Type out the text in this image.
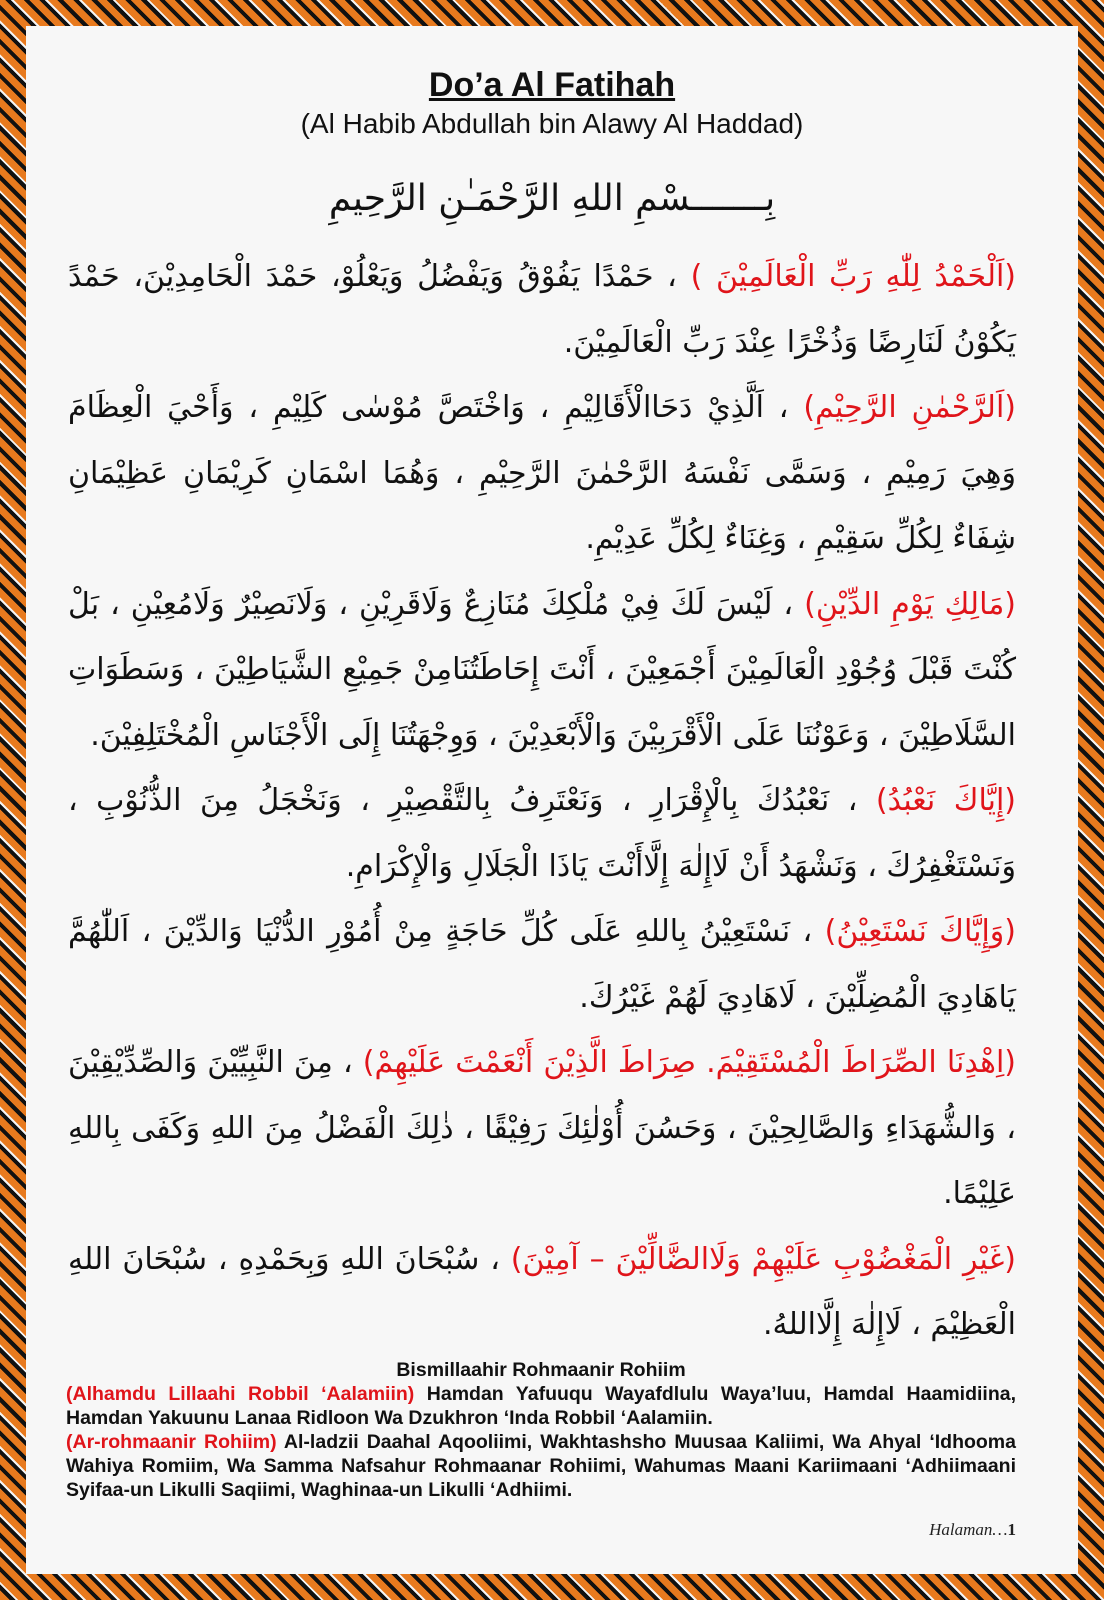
Do’a Al Fatihah
(Al Habib Abdullah bin Alawy Al Haddad)
بِـــــــسْمِ اللهِ الرَّحْمَـٰنِ الرَّحِيمِ

(اَلْحَمْدُ لِلّٰهِ رَبِّ الْعَالَمِيْنَ ) ، حَمْدًا يَفُوْقُ وَيَفْضُلُ وَيَعْلُوْ، حَمْدَ الْحَامِدِيْنَ، حَمْدً يَكُوْنُ لَنَارِضًا وَذُخْرًا عِنْدَ رَبِّ الْعَالَمِيْنَ.

(اَلرَّحْمٰنِ الرَّحِيْمِ) ، اَلَّذِيْ دَحَاالْأَقَالِيْمِ ، وَاخْتَصَّ مُوْسٰى كَلِيْمِ ، وَأَحْيَ الْعِظَامَ وَهِيَ رَمِيْمِ ، وَسَمَّى نَفْسَهُ الرَّحْمٰنَ الرَّحِيْمِ ، وَهُمَا اسْمَانِ كَرِيْمَانِ عَظِيْمَانِ شِفَاءٌ لِكُلِّ سَقِيْمِ ، وَغِنَاءٌ لِكُلِّ عَدِيْمِ.

(مَالِكِ يَوْمِ الدِّيْنِ) ، لَيْسَ لَكَ فِيْ مُلْكِكَ مُنَازِعٌ وَلَاقَرِيْنِ ، وَلَانَصِيْرٌ وَلَامُعِيْنِ ، بَلْ كُنْتَ قَبْلَ وُجُوْدِ الْعَالَمِيْنَ أَجْمَعِيْنَ ، أَنْتَ إِحَاطَتُنَامِنْ جَمِيْعِ الشَّيَاطِيْنَ ، وَسَطَوَاتِ السَّلَاطِيْنَ ، وَعَوْنُنَا عَلَى الْأَقْرَبِيْنَ وَالْأَبْعَدِيْنَ ، وَوِجْهَتُنَا إِلَى الْأَجْنَاسِ الْمُخْتَلِفِيْنَ.

(إِيَّاكَ نَعْبُدُ) ، نَعْبُدُكَ بِالْإِقْرَارِ ، وَنَعْتَرِفُ بِالتَّقْصِيْرِ ، وَنَخْجَلُ مِنَ الذُّنُوْبِ ، وَنَسْتَغْفِرُكَ ، وَنَشْهَدُ أَنْ لَاإِلٰهَ إِلَّاأَنْتَ يَاذَا الْجَلَالِ وَالْإِكْرَامِ.

(وَإِيَّاكَ نَسْتَعِيْنُ) ، نَسْتَعِيْنُ بِاللهِ عَلَى كُلِّ حَاجَةٍ مِنْ أُمُوْرِ الدُّنْيَا وَالدِّيْنَ ، اَللّٰهُمَّ يَاهَادِيَ الْمُضِلِّيْنَ ، لَاهَادِيَ لَهُمْ غَيْرُكَ.

(اِهْدِنَا الصِّرَاطَ الْمُسْتَقِيْمَ. صِرَاطَ الَّذِيْنَ أَنْعَمْتَ عَلَيْهِمْ) ، مِنَ النَّبِيِّيْنَ وَالصِّدِّيْقِيْنَ ، وَالشُّهَدَاءِ وَالصَّالِحِيْنَ ، وَحَسُنَ أُوْلٰئِكَ رَفِيْقًا ، ذٰلِكَ الْفَضْلُ مِنَ اللهِ وَكَفَى بِاللهِ عَلِيْمًا.

(غَيْرِ الْمَغْضُوْبِ عَلَيْهِمْ وَلَاالضَّالِّيْنَ – آمِيْنَ) ، سُبْحَانَ اللهِ وَبِحَمْدِهِ ، سُبْحَانَ اللهِ الْعَظِيْمَ ، لَاإِلٰهَ إِلَّااللهُ.

Bismillaahir Rohmaanir Rohiim

(Alhamdu Lillaahi Robbil ‘Aalamiin) Hamdan Yafuuqu Wayafdlulu Waya’luu, Hamdal Haamidiina, Hamdan Yakuunu Lanaa Ridloon Wa Dzukhron ‘Inda Robbil ‘Aalamiin.

(Ar-rohmaanir Rohiim) Al-ladzii Daahal Aqooliimi, Wakhtashsho Muusaa Kaliimi, Wa Ahyal ‘Idhooma Wahiya Romiim, Wa Samma Nafsahur Rohmaanar Rohiimi, Wahumas Maani Kariimaani ‘Adhiimaani Syifaa-un Likulli Saqiimi, Waghinaa-un Likulli ‘Adhiimi.

Halaman…1
